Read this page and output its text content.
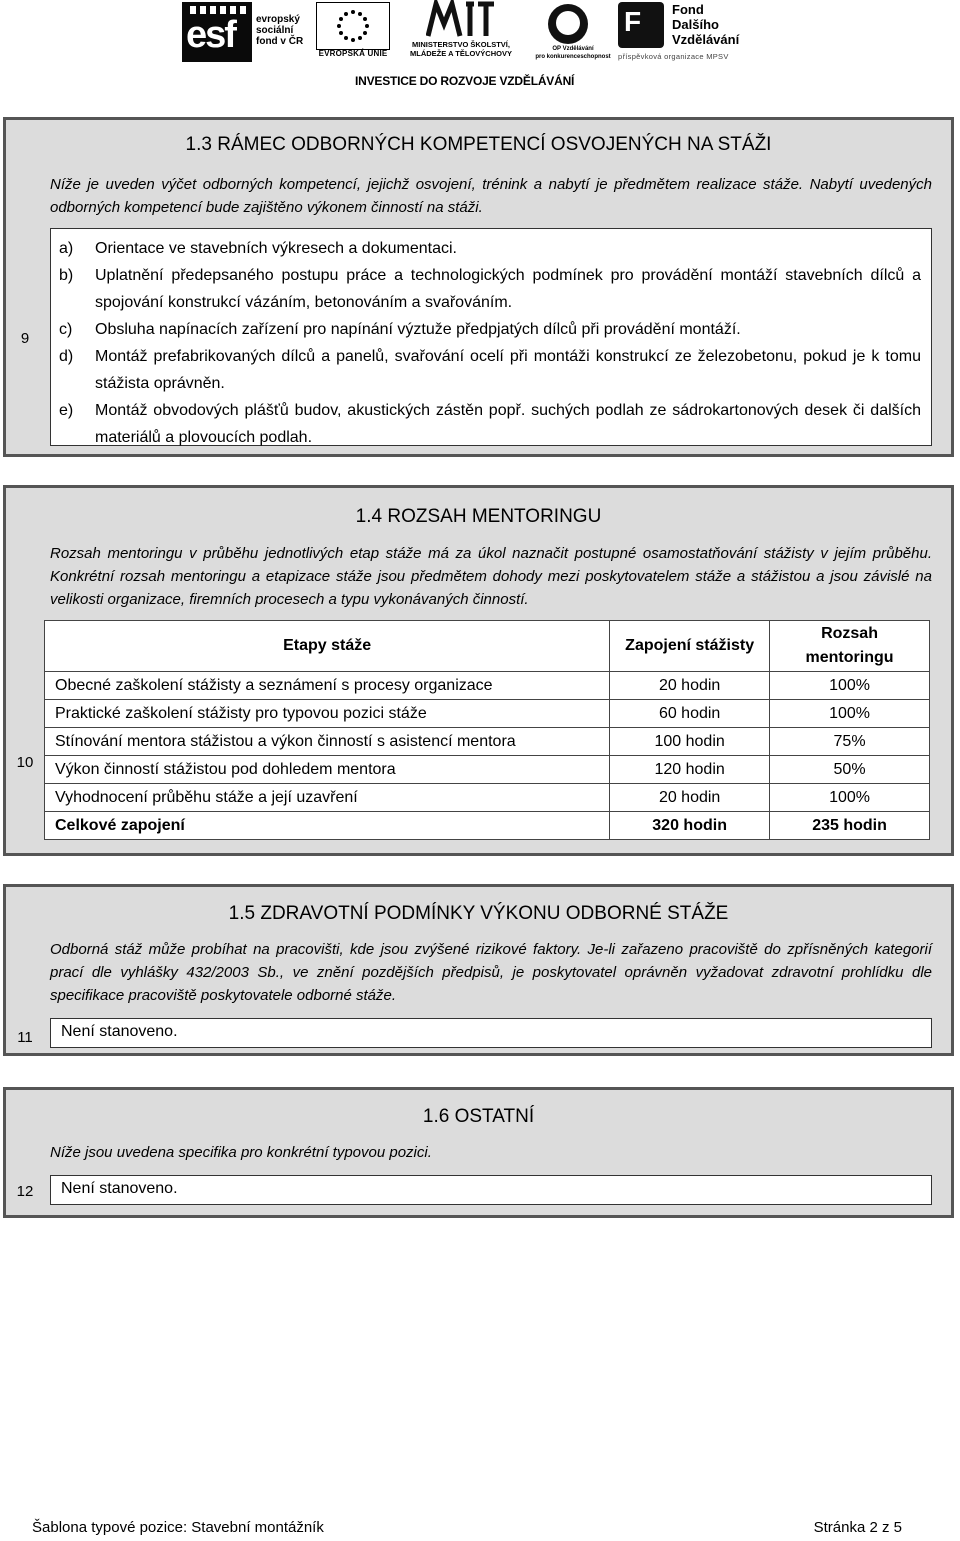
esf evropský
sociální
fond v ČR
EVROPSKÁ UNIE
MINISTERSTVO ŠKOLSTVÍ,
MLÁDEŽE A TĚLOVÝCHOVY	OP Vzdělávání
pro konkurenceschopnost
F Fond
Dalšího
Vzdělávání
příspěvková organizace MPSV
INVESTICE DO ROZVOJE VZDĚLÁVÁNÍ
9
1.3 RÁMEC ODBORNÝCH KOMPETENCÍ OSVOJENÝCH NA STÁŽI
Níže je uveden výčet odborných kompetencí, jejichž osvojení, trénink a nabytí je předmětem realizace stáže. Nabytí uvedených odborných kompetencí bude zajištěno výkonem činností na stáži.
a)	Orientace ve stavebních výkresech a dokumentaci.
b)	Uplatnění předepsaného postupu práce a technologických podmínek pro provádění montáží stavebních dílců a spojování konstrukcí vázáním, betonováním a svařováním.
c)	Obsluha napínacích zařízení pro napínání výztuže předpjatých dílců při provádění montáží.
d)	Montáž prefabrikovaných dílců a panelů, svařování ocelí při montáži konstrukcí ze železobetonu, pokud je k tomu stážista oprávněn.
e)	Montáž obvodových plášťů budov, akustických zástěn popř. suchých podlah ze sádrokartonových desek či dalších materiálů a plovoucích podlah.
10
1.4 ROZSAH MENTORINGU
Rozsah mentoringu v průběhu jednotlivých etap stáže má za úkol naznačit postupné osamostatňování stážisty v jejím průběhu. Konkrétní rozsah mentoringu a etapizace stáže jsou předmětem dohody mezi poskytovatelem stáže a stážistou a jsou závislé na velikosti organizace, firemních procesech a typu vykonávaných činností.
Etapy stáže	Zapojení stážisty	Rozsah mentoringu
Obecné zaškolení stážisty a seznámení s procesy organizace	20 hodin	100%
Praktické zaškolení stážisty pro typovou pozici stáže	60 hodin	100%
Stínování mentora stážistou a výkon činností s asistencí mentora	100 hodin	75%
Výkon činností stážistou pod dohledem mentora	120 hodin	50%
Vyhodnocení průběhu stáže a její uzavření	20 hodin	100%
Celkové zapojení	320 hodin	235 hodin
11
1.5 ZDRAVOTNÍ PODMÍNKY VÝKONU ODBORNÉ STÁŽE
Odborná stáž může probíhat na pracovišti, kde jsou zvýšené rizikové faktory. Je-li zařazeno pracoviště do zpřísněných kategorií prací dle vyhlášky 432/2003 Sb., ve znění pozdějších předpisů, je poskytovatel oprávněn vyžadovat zdravotní prohlídku dle specifikace pracoviště poskytovatele odborné stáže.
Není stanoveno.
12
1.6 OSTATNÍ
Níže jsou uvedena specifika pro konkrétní typovou pozici.
Není stanoveno.
Šablona typové pozice: Stavební montážník	Stránka 2 z 5
